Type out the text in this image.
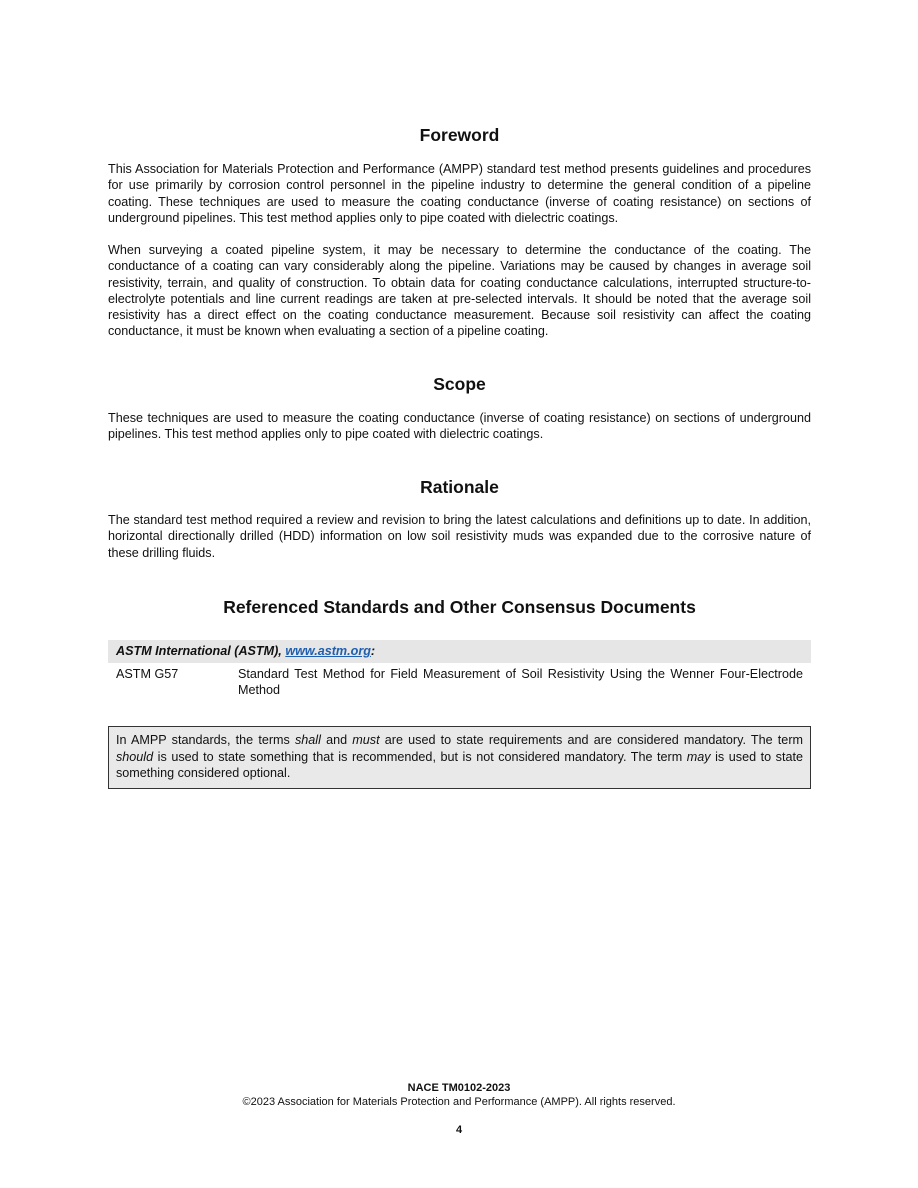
Foreword

This Association for Materials Protection and Performance (AMPP) standard test method presents guidelines and procedures for use primarily by corrosion control personnel in the pipeline industry to determine the general condition of a pipeline coating. These techniques are used to measure the coating conductance (inverse of coating resistance) on sections of underground pipelines. This test method applies only to pipe coated with dielectric coatings.

When surveying a coated pipeline system, it may be necessary to determine the conductance of the coating. The conductance of a coating can vary considerably along the pipeline. Variations may be caused by changes in average soil resistivity, terrain, and quality of construction. To obtain data for coating conductance calculations, interrupted structure-to-electrolyte potentials and line current readings are taken at pre-selected intervals. It should be noted that the average soil resistivity has a direct effect on the coating conductance measurement. Because soil resistivity can affect the coating conductance, it must be known when evaluating a section of a pipeline coating.

Scope

These techniques are used to measure the coating conductance (inverse of coating resistance) on sections of underground pipelines. This test method applies only to pipe coated with dielectric coatings.

Rationale

The standard test method required a review and revision to bring the latest calculations and definitions up to date. In addition, horizontal directionally drilled (HDD) information on low soil resistivity muds was expanded due to the corrosive nature of these drilling fluids.

Referenced Standards and Other Consensus Documents
ASTM International (ASTM), www.astm.org:
ASTM G57	Standard Test Method for Field Measurement of Soil Resistivity Using the Wenner Four-Electrode Method
In AMPP standards, the terms shall and must are used to state requirements and are considered mandatory. The term should is used to state something that is recommended, but is not considered mandatory. The term may is used to state something considered optional.
NACE TM0102-2023
©2023 Association for Materials Protection and Performance (AMPP). All rights reserved.
4
